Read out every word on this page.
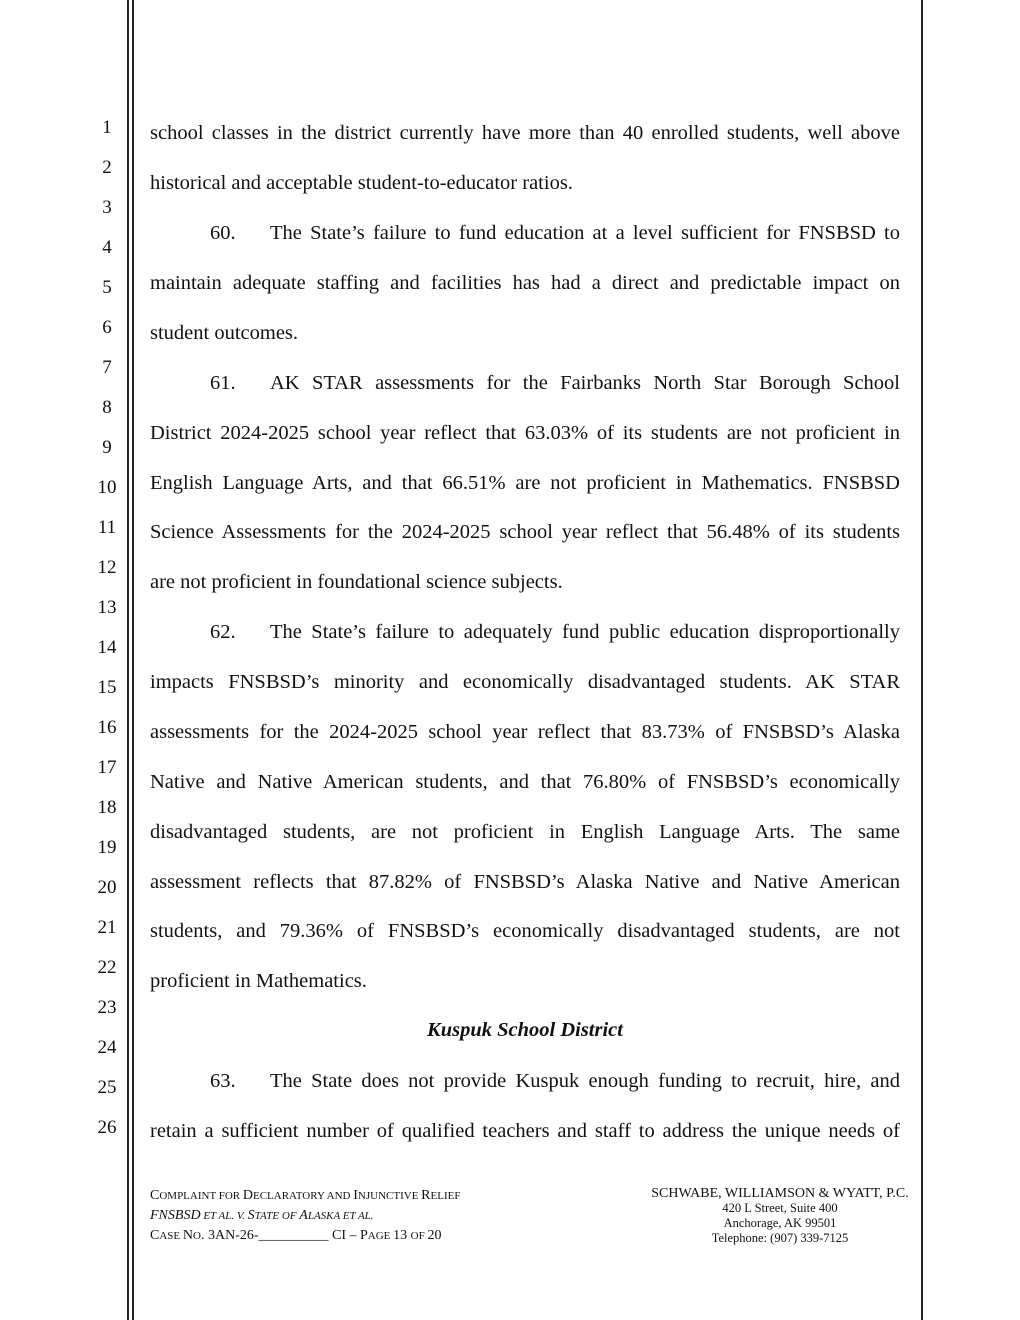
1
2
3
4
5
6
7
8
9
10
11
12
13
14
15
16
17
18
19
20
21
22
23
24
25
26
school classes in the district currently have more than 40 enrolled students, well above
historical and acceptable student-to-educator ratios.
60. The State’s failure to fund education at a level sufficient for FNSBSD to
maintain adequate staffing and facilities has had a direct and predictable impact on
student outcomes.
61. AK STAR assessments for the Fairbanks North Star Borough School
District 2024-2025 school year reflect that 63.03% of its students are not proficient in
English Language Arts, and that 66.51% are not proficient in Mathematics. FNSBSD
Science Assessments for the 2024-2025 school year reflect that 56.48% of its students
are not proficient in foundational science subjects.
62. The State’s failure to adequately fund public education disproportionally
impacts FNSBSD’s minority and economically disadvantaged students. AK STAR
assessments for the 2024-2025 school year reflect that 83.73% of FNSBSD’s Alaska
Native and Native American students, and that 76.80% of FNSBSD’s economically
disadvantaged students, are not proficient in English Language Arts. The same
assessment reflects that 87.82% of FNSBSD’s Alaska Native and Native American
students, and 79.36% of FNSBSD’s economically disadvantaged students, are not
proficient in Mathematics.
63. The State does not provide Kuspuk enough funding to recruit, hire, and
retain a sufficient number of qualified teachers and staff to address the unique needs of
Kuspuk School District
COMPLAINT FOR DECLARATORY AND INJUNCTIVE RELIEF
FNSBSD ET AL. V. STATE OF ALASKA ET AL.
CASE NO. 3AN-26-__________ CI – PAGE 13 OF 20
SCHWABE, WILLIAMSON & WYATT, P.C.
420 L Street, Suite 400
Anchorage, AK 99501
Telephone: (907) 339-7125
